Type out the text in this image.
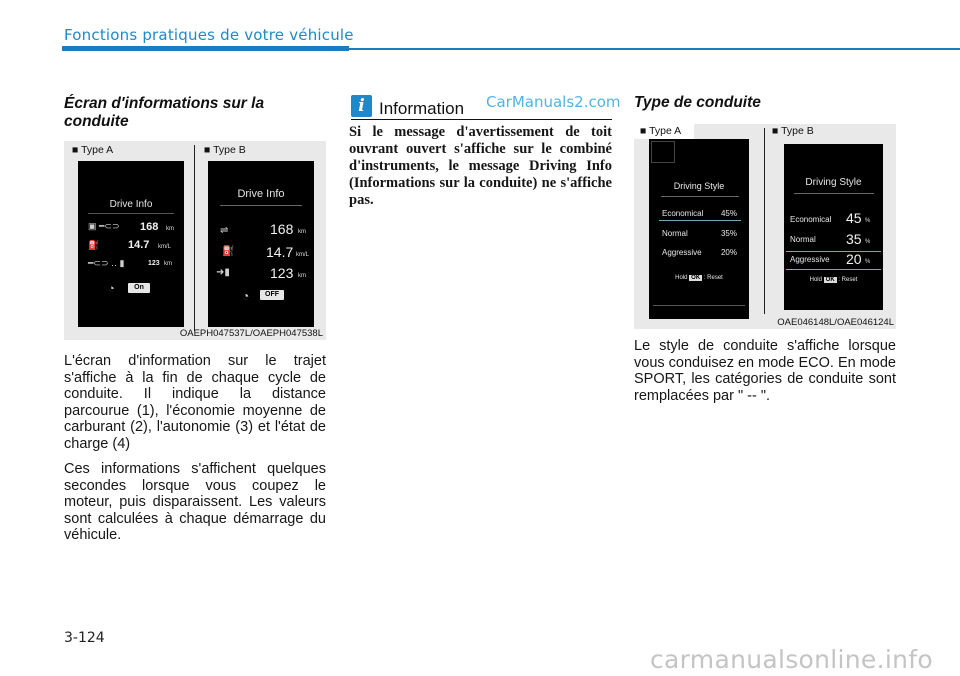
Fonctions pratiques de votre véhicule
Écran d'informations sur la conduite
■ Type A	■ Type B
Drive Info
▣ ━⊂⊃ 168 km
⛽	14.7 km/L
━⊂⊃ ‥ ▮	123 km
◔	On
Drive Info
⇌	168 km
⛽ 14.7 km/L
➜▮	123 km
◔	OFF
OAEPH047537L/OAEPH047538L
L'écran d'information sur le trajet s'affiche à la fin de chaque cycle de conduite. Il indique la distance parcourue (1), l'économie moyenne de carburant (2), l'autonomie (3) et l'état de charge (4)
Ces informations s'affichent quelques secondes lorsque vous coupez le moteur, puis disparaissent. Les valeurs sont calculées à chaque démarrage du véhicule.
i Information CarManuals2.com
Si le message d'avertissement de toit ouvrant ouvert s'affiche sur le combiné d'instruments, le message Driving Info (Informations sur la conduite) ne s'affiche pas.
Type de conduite
■ Type A	■ Type B
Driving Style
Economical	45%
Normal	35%
Aggressive	20%
Hold OK : Reset
Driving Style
Economical 45 %
Normal 35 %
Aggressive 20 %
Hold OK : Reset
OAE046148L/OAE046124L
Le style de conduite s'affiche lorsque vous conduisez en mode ECO. En mode SPORT, les catégories de conduite sont remplacées par " -- ".
3-124
carmanualsonline.info
